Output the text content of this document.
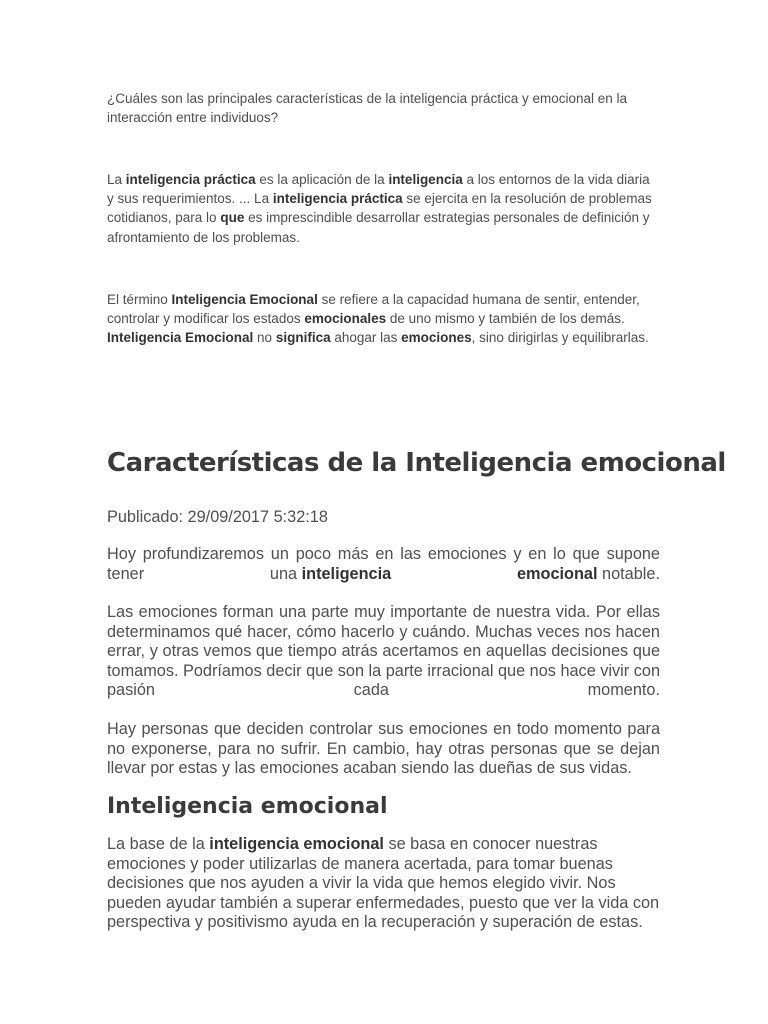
¿Cuáles son las principales características de la inteligencia práctica y emocional en la interacción entre individuos?

La inteligencia práctica es la aplicación de la inteligencia a los entornos de la vida diaria y sus requerimientos. ... La inteligencia práctica se ejercita en la resolución de problemas cotidianos, para lo que es imprescindible desarrollar estrategias personales de definición y afrontamiento de los problemas.

El término Inteligencia Emocional se refiere a la capacidad humana de sentir, entender, controlar y modificar los estados emocionales de uno mismo y también de los demás. Inteligencia Emocional no significa ahogar las emociones, sino dirigirlas y equilibrarlas.

Características de la Inteligencia emocional
Publicado: 29/09/2017 5:32:18
Hoy profundizaremos un poco más en las emociones y en lo que supone
tener	una inteligencia	emocional notable.
Las emociones forman una parte muy importante de nuestra vida. Por ellas determinamos qué hacer, cómo hacerlo y cuándo. Muchas veces nos hacen errar, y otras vemos que tiempo atrás acertamos en aquellas decisiones que tomamos. Podríamos decir que son la parte irracional que nos hace vivir con pasión cada momento.
Hay personas que deciden controlar sus emociones en todo momento para no exponerse, para no sufrir. En cambio, hay otras personas que se dejan llevar por estas y las emociones acaban siendo las dueñas de sus vidas.
Inteligencia emocional

La base de la inteligencia emocional se basa en conocer nuestras emociones y poder utilizarlas de manera acertada, para tomar buenas decisiones que nos ayuden a vivir la vida que hemos elegido vivir. Nos pueden ayudar también a superar enfermedades, puesto que ver la vida con perspectiva y positivismo ayuda en la recuperación y superación de estas.
